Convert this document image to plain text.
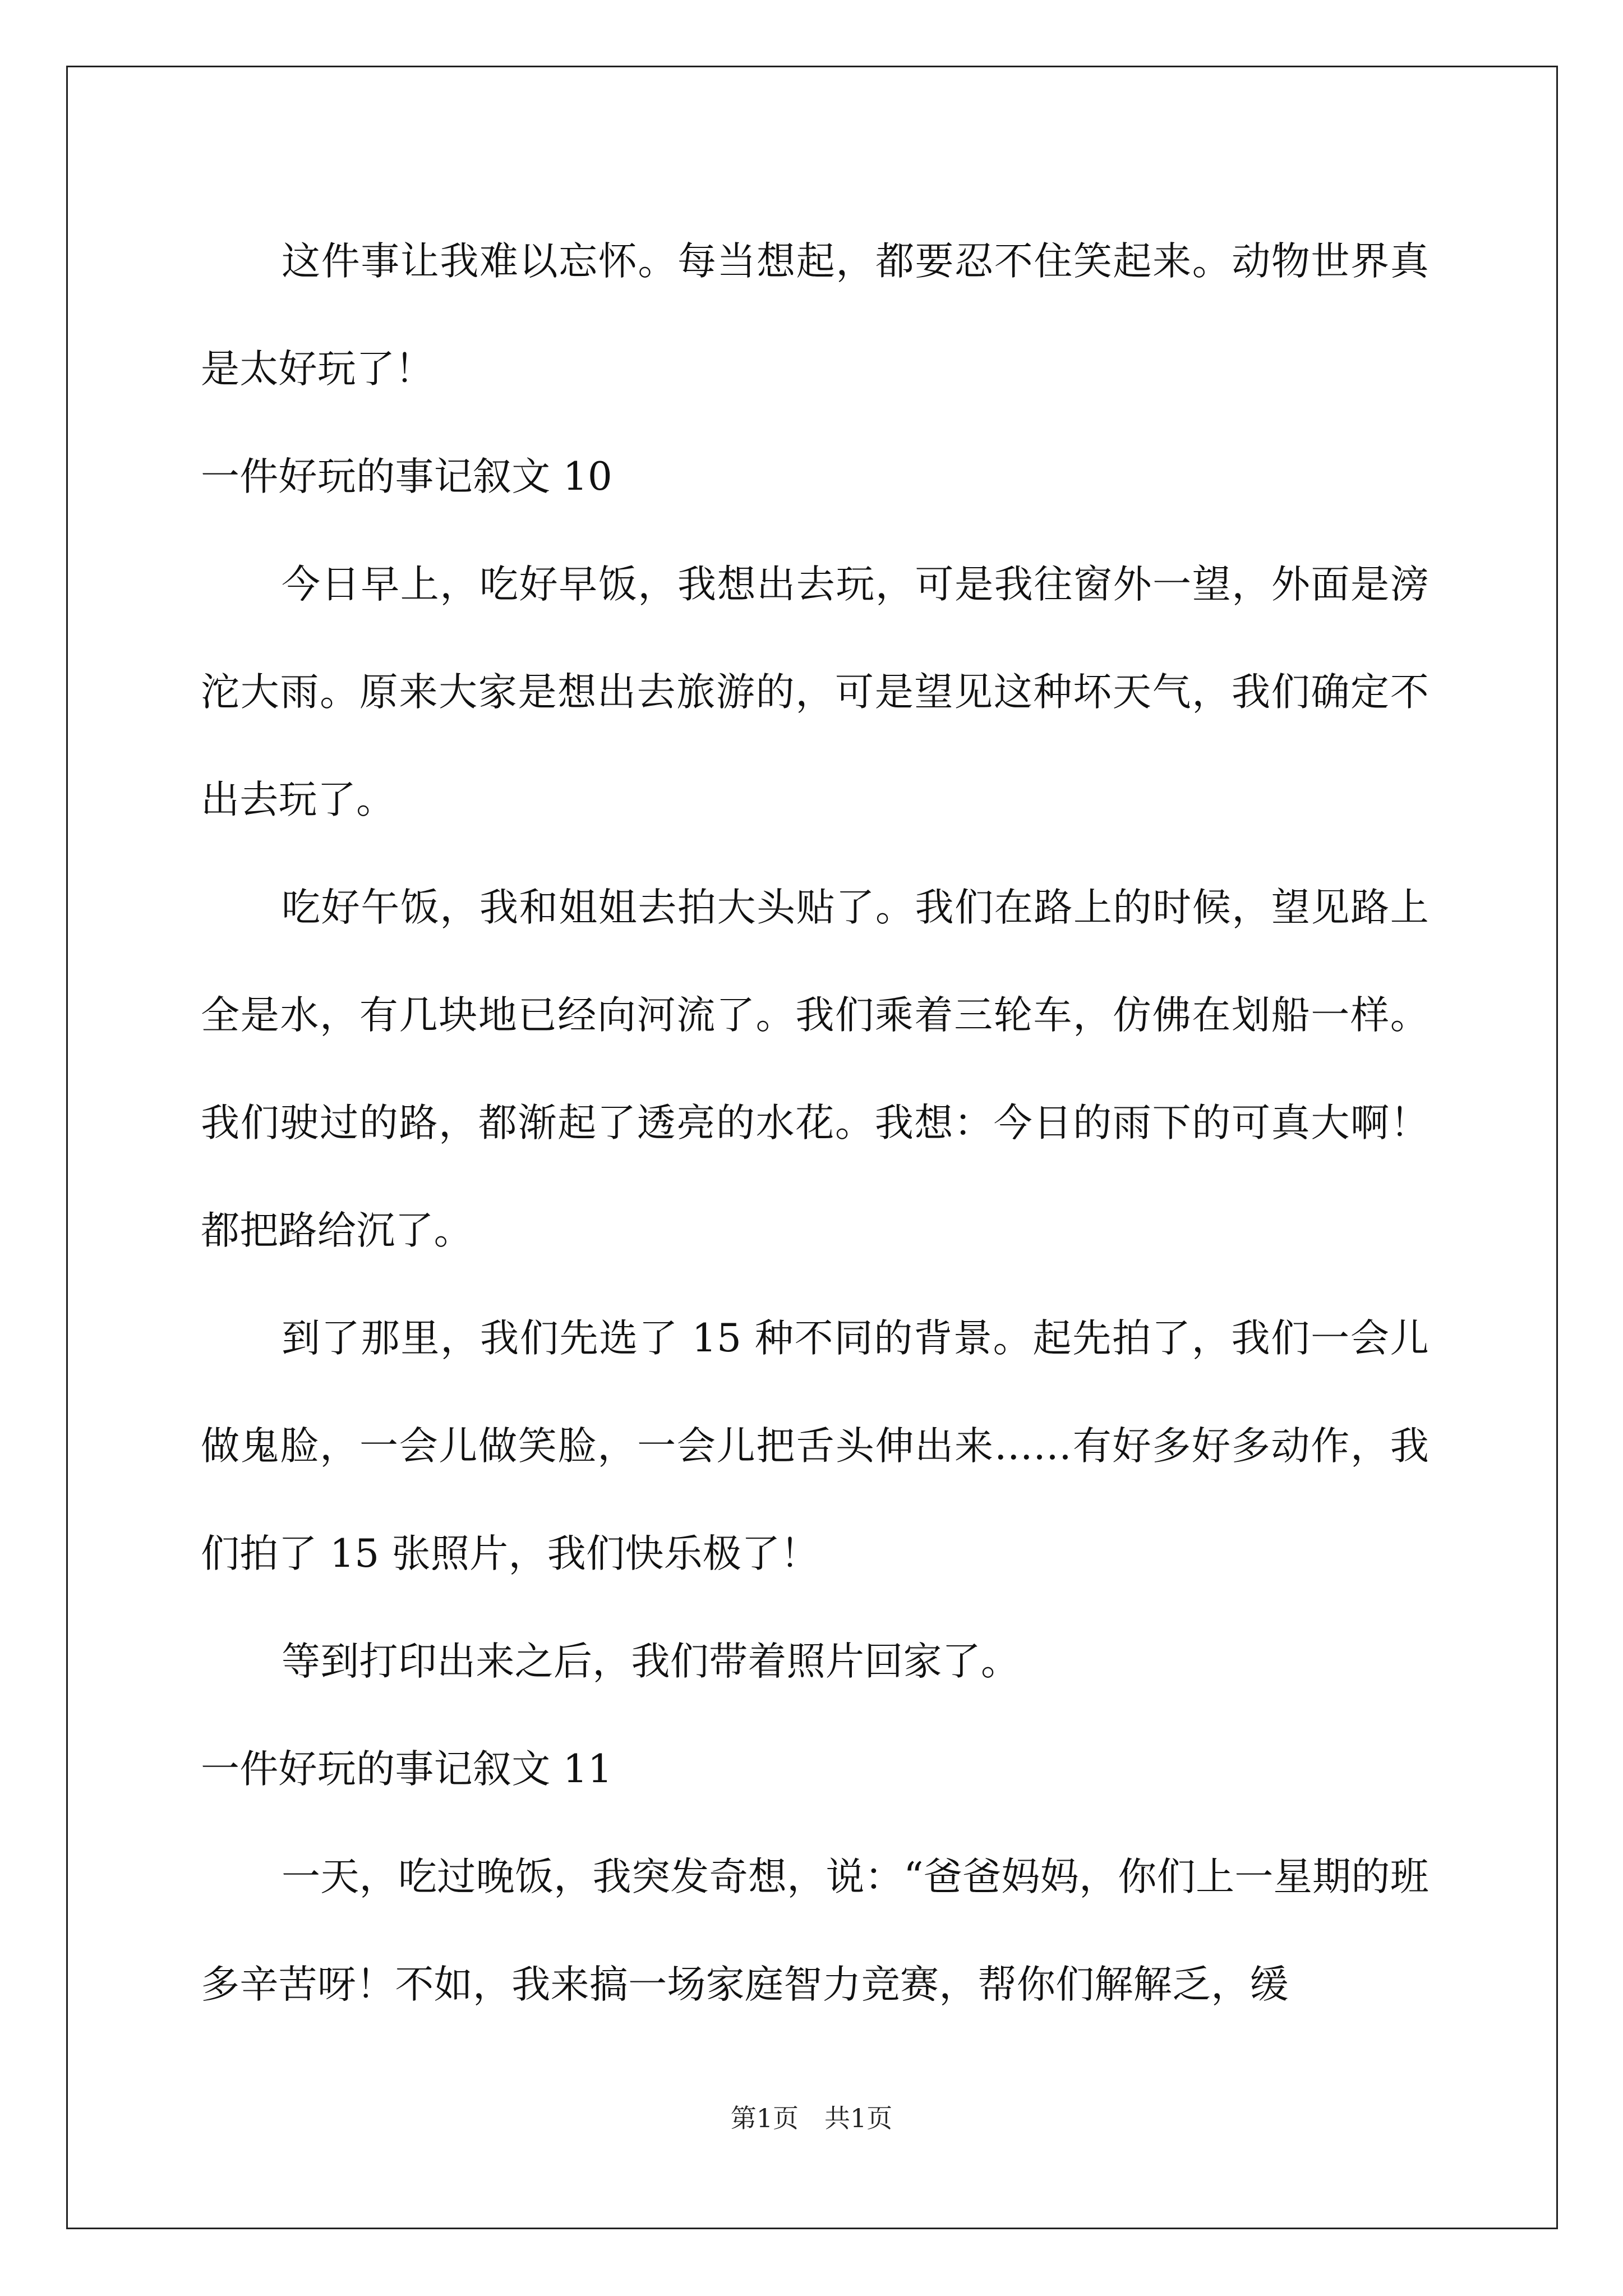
这件事让我难以忘怀。每当想起，都要忍不住笑起来。动物世界真是太好玩了！

一件好玩的事记叙文 10

今日早上，吃好早饭，我想出去玩，可是我往窗外一望，外面是滂沱大雨。原来大家是想出去旅游的，可是望见这种坏天气，我们确定不出去玩了。

吃好午饭，我和姐姐去拍大头贴了。我们在路上的时候，望见路上全是水，有几块地已经向河流了。我们乘着三轮车，仿佛在划船一样。我们驶过的路，都渐起了透亮的水花。我想：今日的雨下的可真大啊！都把路给沉了。

到了那里，我们先选了 15 种不同的背景。起先拍了，我们一会儿做鬼脸，一会儿做笑脸，一会儿把舌头伸出来……有好多好多动作，我们拍了 15 张照片，我们快乐极了！

等到打印出来之后，我们带着照片回家了。

一件好玩的事记叙文 11

一天，吃过晚饭，我突发奇想，说：“爸爸妈妈，你们上一星期的班多辛苦呀！不如，我来搞一场家庭智力竞赛，帮你们解解乏，缓

第1页　共1页
